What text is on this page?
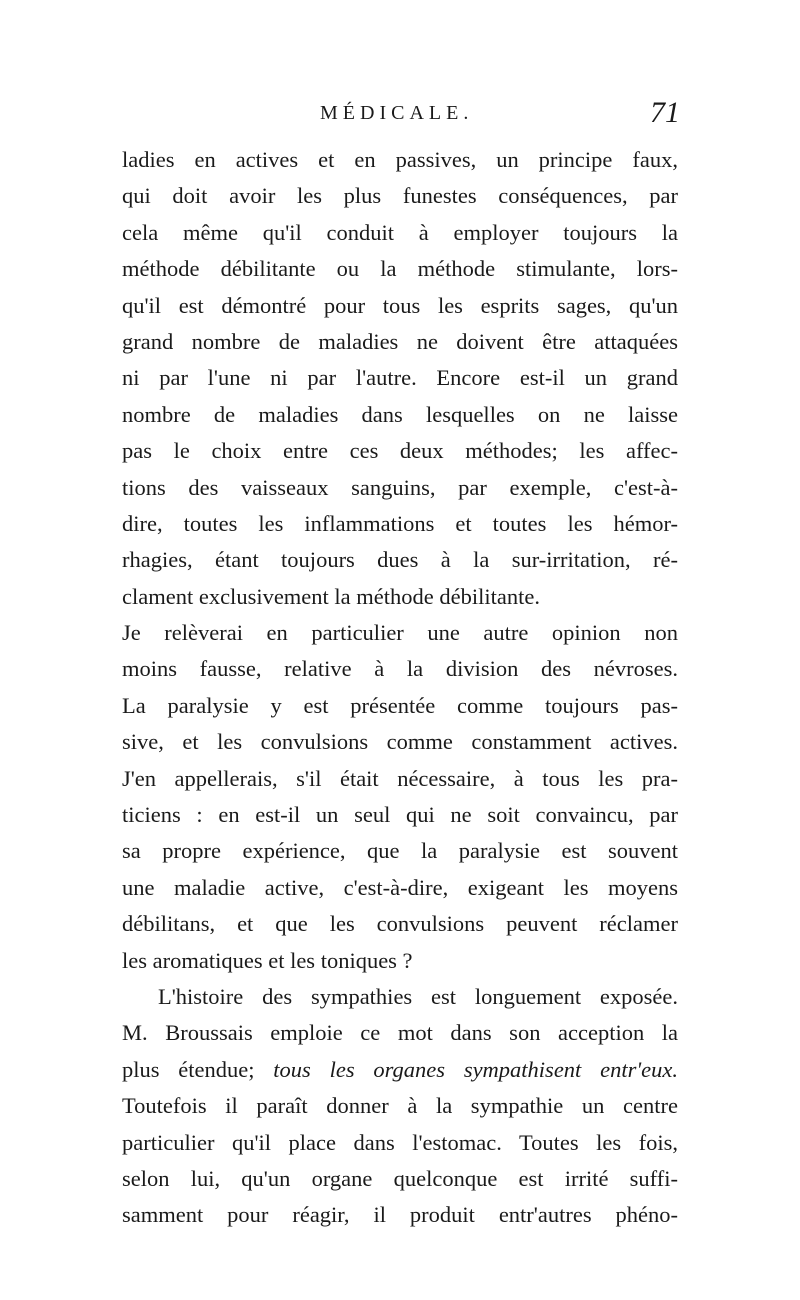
MÉDICALE.	71
ladies en actives et en passives, un principe faux,
qui doit avoir les plus funestes conséquences, par
cela même qu'il conduit à employer toujours la
méthode débilitante ou la méthode stimulante, lors-
qu'il est démontré pour tous les esprits sages, qu'un
grand nombre de maladies ne doivent être attaquées
ni par l'une ni par l'autre. Encore est-il un grand
nombre de maladies dans lesquelles on ne laisse
pas le choix entre ces deux méthodes; les affec-
tions des vaisseaux sanguins, par exemple, c'est-à-
dire, toutes les inflammations et toutes les hémor-
rhagies, étant toujours dues à la sur-irritation, ré-
clament exclusivement la méthode débilitante.
Je relèverai en particulier une autre opinion non
moins fausse, relative à la division des névroses.
La paralysie y est présentée comme toujours pas-
sive, et les convulsions comme constamment actives.
J'en appellerais, s'il était nécessaire, à tous les pra-
ticiens : en est-il un seul qui ne soit convaincu, par
sa propre expérience, que la paralysie est souvent
une maladie active, c'est-à-dire, exigeant les moyens
débilitans, et que les convulsions peuvent réclamer
les aromatiques et les toniques ?
L'histoire des sympathies est longuement exposée.
M. Broussais emploie ce mot dans son acception la
plus étendue; tous les organes sympathisent entr'eux.
Toutefois il paraît donner à la sympathie un centre
particulier qu'il place dans l'estomac. Toutes les fois,
selon lui, qu'un organe quelconque est irrité suffi-
samment pour réagir, il produit entr'autres phéno-
